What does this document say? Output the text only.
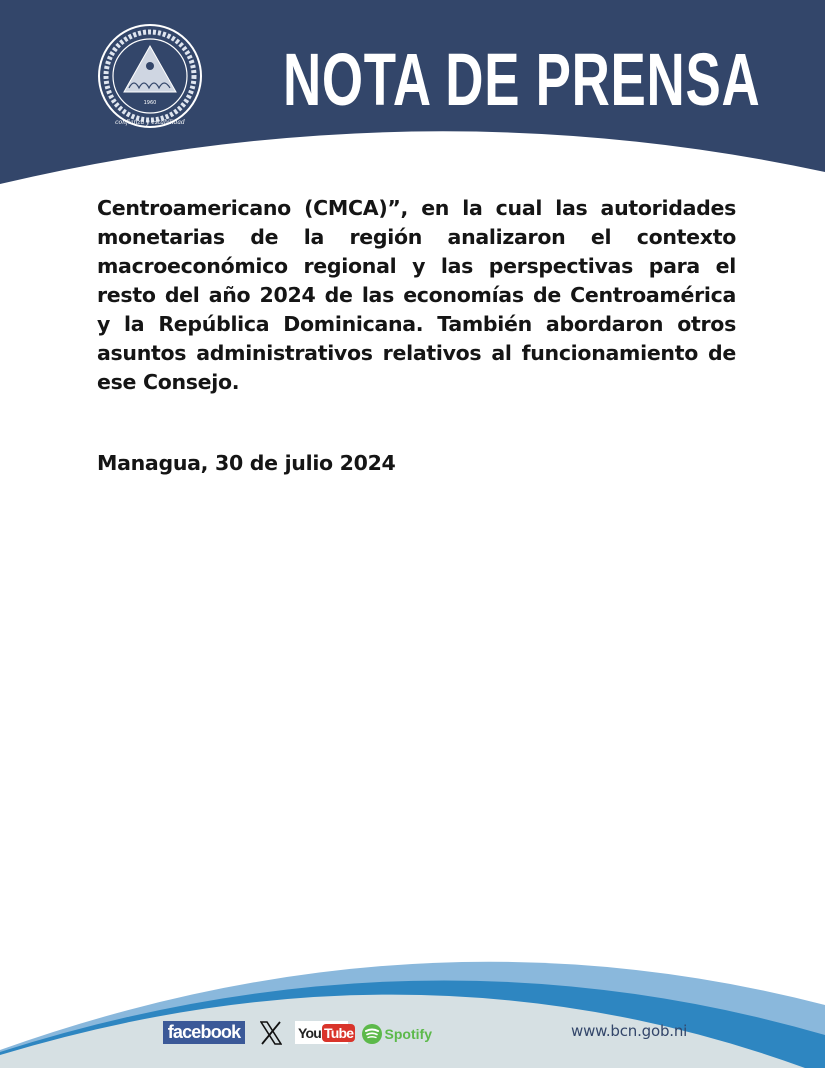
1960
confianza y estabilidad
NOTA DE PRENSA

Centroamericano (CMCA)”, en la cual las autoridades monetarias de la región analizaron el contexto macroeconómico regional y las perspectivas para el resto del año 2024 de las economías de Centroamérica y la República Dominicana. También abordaron otros asuntos administrativos relativos al funcionamiento de ese Consejo.

Managua, 30 de julio 2024
facebook	You Tube Spotify	www.bcn.gob.ni
